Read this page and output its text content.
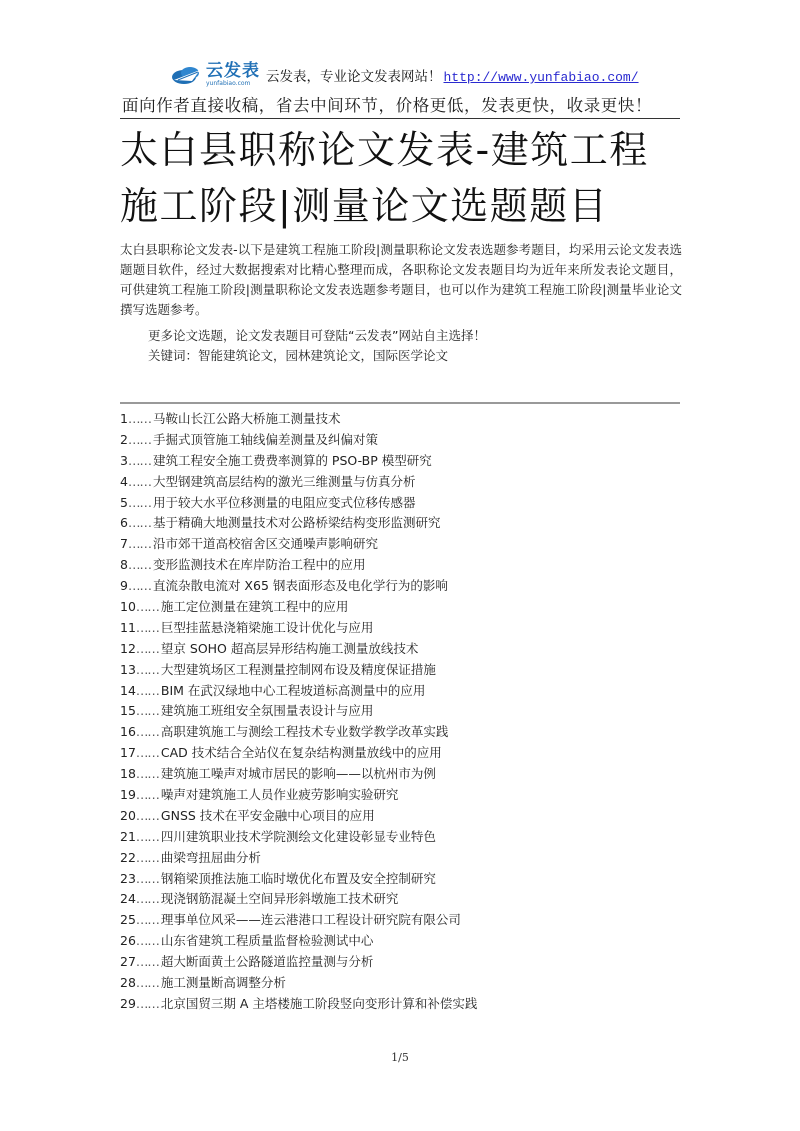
云发表
yunfabiao.com	云发表，专业论文发表网站！ http://www.yunfabiao.com/
面向作者直接收稿，省去中间环节，价格更低，发表更快，收录更快！
太白县职称论文发表-建筑工程施工阶段|测量论文选题题目

太白县职称论文发表-以下是建筑工程施工阶段|测量职称论文发表选题参考题目，均采用云论文发表选题题目软件，经过大数据搜索对比精心整理而成，各职称论文发表题目均为近年来所发表论文题目，可供建筑工程施工阶段|测量职称论文发表选题参考题目，也可以作为建筑工程施工阶段|测量毕业论文撰写选题参考。

更多论文选题，论文发表题目可登陆“云发表”网站自主选择！
关键词：智能建筑论文，园林建筑论文，国际医学论文
1…… 马鞍山长江公路大桥施工测量技术
2…… 手掘式顶管施工轴线偏差测量及纠偏对策
3…… 建筑工程安全施工费费率测算的 PSO-BP 模型研究
4…… 大型钢建筑高层结构的激光三维测量与仿真分析
5…… 用于较大水平位移测量的电阻应变式位移传感器
6…… 基于精确大地测量技术对公路桥梁结构变形监测研究
7…… 沿市郊干道高校宿舍区交通噪声影响研究
8…… 变形监测技术在库岸防治工程中的应用
9…… 直流杂散电流对 X65 钢表面形态及电化学行为的影响
10…… 施工定位测量在建筑工程中的应用
11…… 巨型挂蓝悬浇箱梁施工设计优化与应用
12…… 望京 SOHO 超高层异形结构施工测量放线技术
13…… 大型建筑场区工程测量控制网布设及精度保证措施
14…… BIM 在武汉绿地中心工程坡道标高测量中的应用
15…… 建筑施工班组安全氛围量表设计与应用
16…… 高职建筑施工与测绘工程技术专业数学教学改革实践
17…… CAD 技术结合全站仪在复杂结构测量放线中的应用
18…… 建筑施工噪声对城市居民的影响——以杭州市为例
19…… 噪声对建筑施工人员作业疲劳影响实验研究
20…… GNSS 技术在平安金融中心项目的应用
21…… 四川建筑职业技术学院测绘文化建设彰显专业特色
22…… 曲梁弯扭屈曲分析
23…… 钢箱梁顶推法施工临时墩优化布置及安全控制研究
24…… 现浇钢筋混凝土空间异形斜墩施工技术研究
25…… 理事单位风采——连云港港口工程设计研究院有限公司
26…… 山东省建筑工程质量监督检验测试中心
27…… 超大断面黄土公路隧道监控量测与分析
28…… 施工测量断高调整分析
29…… 北京国贸三期 A 主塔楼施工阶段竖向变形计算和补偿实践
1/5
